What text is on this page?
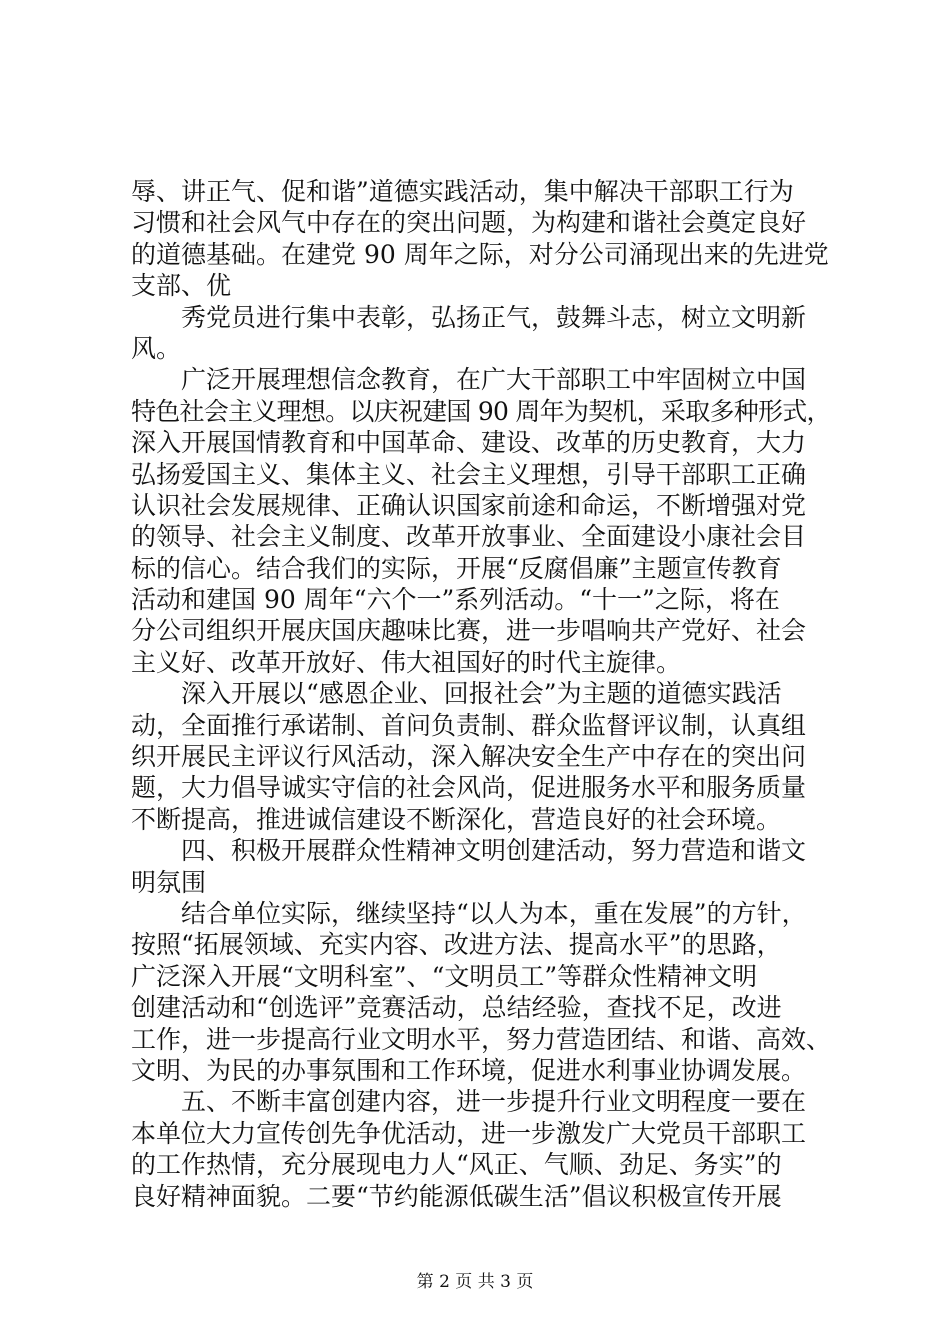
辱、讲正气、促和谐”道德实践活动，集中解决干部职工行为
习惯和社会风气中存在的突出问题，为构建和谐社会奠定良好
的道德基础。在建党 90 周年之际，对分公司涌现出来的先进党
支部、优
秀党员进行集中表彰，弘扬正气，鼓舞斗志，树立文明新
风。
广泛开展理想信念教育，在广大干部职工中牢固树立中国
特色社会主义理想。以庆祝建国 90 周年为契机，采取多种形式，
深入开展国情教育和中国革命、建设、改革的历史教育，大力
弘扬爱国主义、集体主义、社会主义理想，引导干部职工正确
认识社会发展规律、正确认识国家前途和命运，不断增强对党
的领导、社会主义制度、改革开放事业、全面建设小康社会目
标的信心。结合我们的实际，开展“反腐倡廉”主题宣传教育
活动和建国 90 周年“六个一”系列活动。“十一”之际，将在
分公司组织开展庆国庆趣味比赛，进一步唱响共产党好、社会
主义好、改革开放好、伟大祖国好的时代主旋律。
深入开展以“感恩企业、回报社会”为主题的道德实践活
动，全面推行承诺制、首问负责制、群众监督评议制，认真组
织开展民主评议行风活动，深入解决安全生产中存在的突出问
题，大力倡导诚实守信的社会风尚，促进服务水平和服务质量
不断提高，推进诚信建设不断深化，营造良好的社会环境。
四、积极开展群众性精神文明创建活动，努力营造和谐文
明氛围
结合单位实际，继续坚持“以人为本，重在发展”的方针，
按照“拓展领域、充实内容、改进方法、提高水平”的思路，
广泛深入开展“文明科室”、“文明员工”等群众性精神文明
创建活动和“创选评”竞赛活动，总结经验，查找不足，改进
工作，进一步提高行业文明水平，努力营造团结、和谐、高效、
文明、为民的办事氛围和工作环境，促进水利事业协调发展。
五、不断丰富创建内容，进一步提升行业文明程度一要在
本单位大力宣传创先争优活动，进一步激发广大党员干部职工
的工作热情，充分展现电力人“风正、气顺、劲足、务实”的
良好精神面貌。二要“节约能源低碳生活”倡议积极宣传开展
第 2 页 共 3 页
